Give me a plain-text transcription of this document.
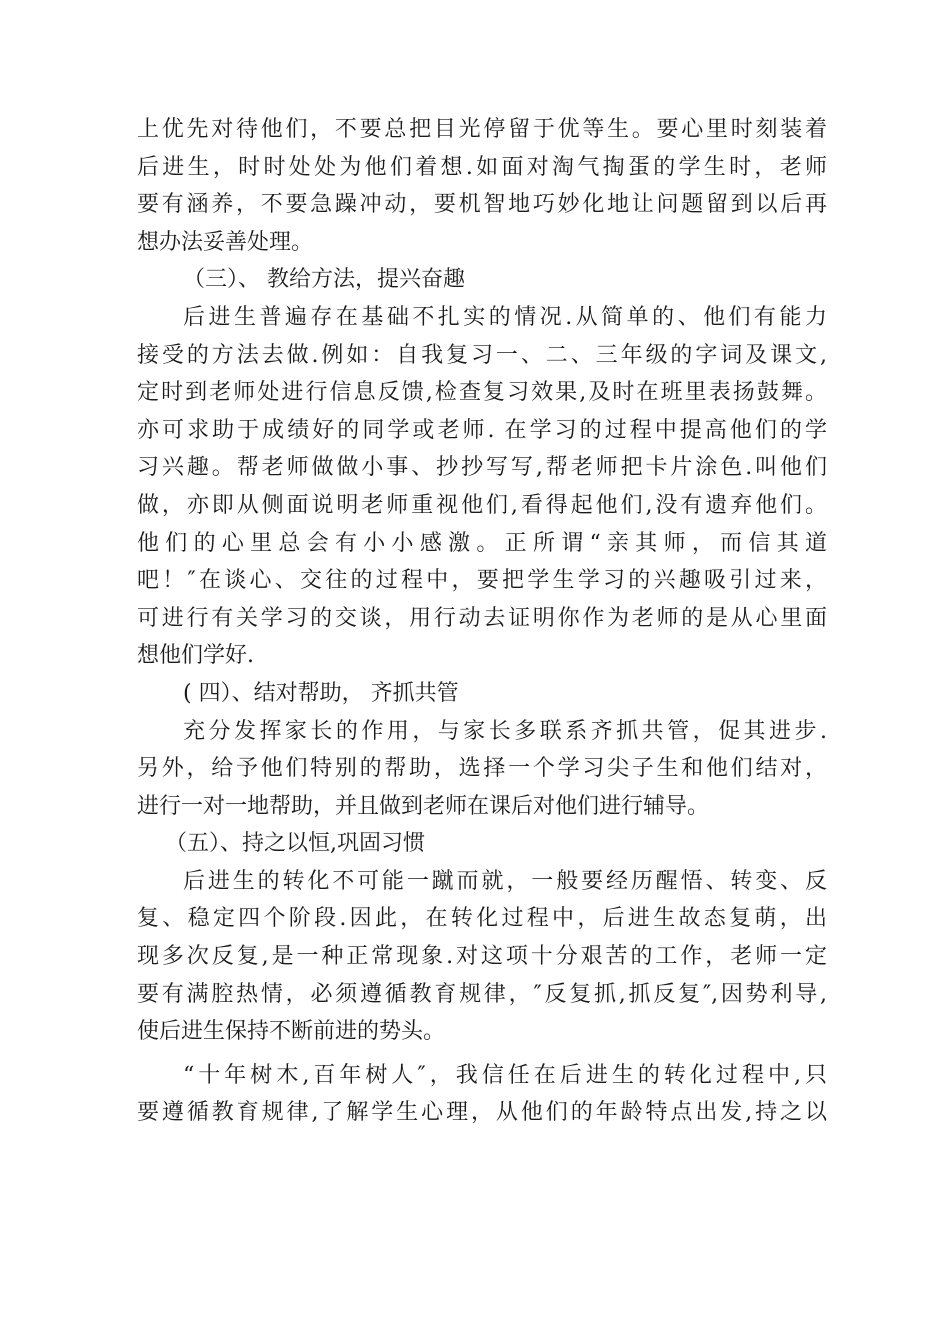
上优先对待他们，不要总把目光停留于优等生。要心里时刻装着
后进生，时时处处为他们着想.如面对淘气掏蛋的学生时，老师
要有涵养，不要急躁冲动，要机智地巧妙化地让问题留到以后再
想办法妥善处理。
（三）、 教给方法，提兴奋趣
后进生普遍存在基础不扎实的情况.从简单的、他们有能力
接受的方法去做.例如：自我复习一、二、三年级的字词及课文,
定时到老师处进行信息反馈,检查复习效果,及时在班里表扬鼓舞。
亦可求助于成绩好的同学或老师. 在学习的过程中提高他们的学
习兴趣。帮老师做做小事、抄抄写写,帮老师把卡片涂色.叫他们
做，亦即从侧面说明老师重视他们,看得起他们,没有遗弃他们。
他们的心里总会有小小感激。正所谓“亲其师，而信其道
吧！″在谈心、交往的过程中，要把学生学习的兴趣吸引过来，
可进行有关学习的交谈，用行动去证明你作为老师的是从心里面
想他们学好.
( 四）、结对帮助， 齐抓共管
充分发挥家长的作用，与家长多联系齐抓共管，促其进步.
另外，给予他们特别的帮助，选择一个学习尖子生和他们结对，
进行一对一地帮助，并且做到老师在课后对他们进行辅导。
（五）、持之以恒,巩固习惯
后进生的转化不可能一蹴而就，一般要经历醒悟、转变、反
复、稳定四个阶段.因此，在转化过程中，后进生故态复萌，出
现多次反复,是一种正常现象.对这项十分艰苦的工作，老师一定
要有满腔热情，必须遵循教育规律，″反复抓,抓反复″,因势利导,
使后进生保持不断前进的势头。
“十年树木,百年树人″，我信任在后进生的转化过程中,只
要遵循教育规律,了解学生心理，从他们的年龄特点出发,持之以
